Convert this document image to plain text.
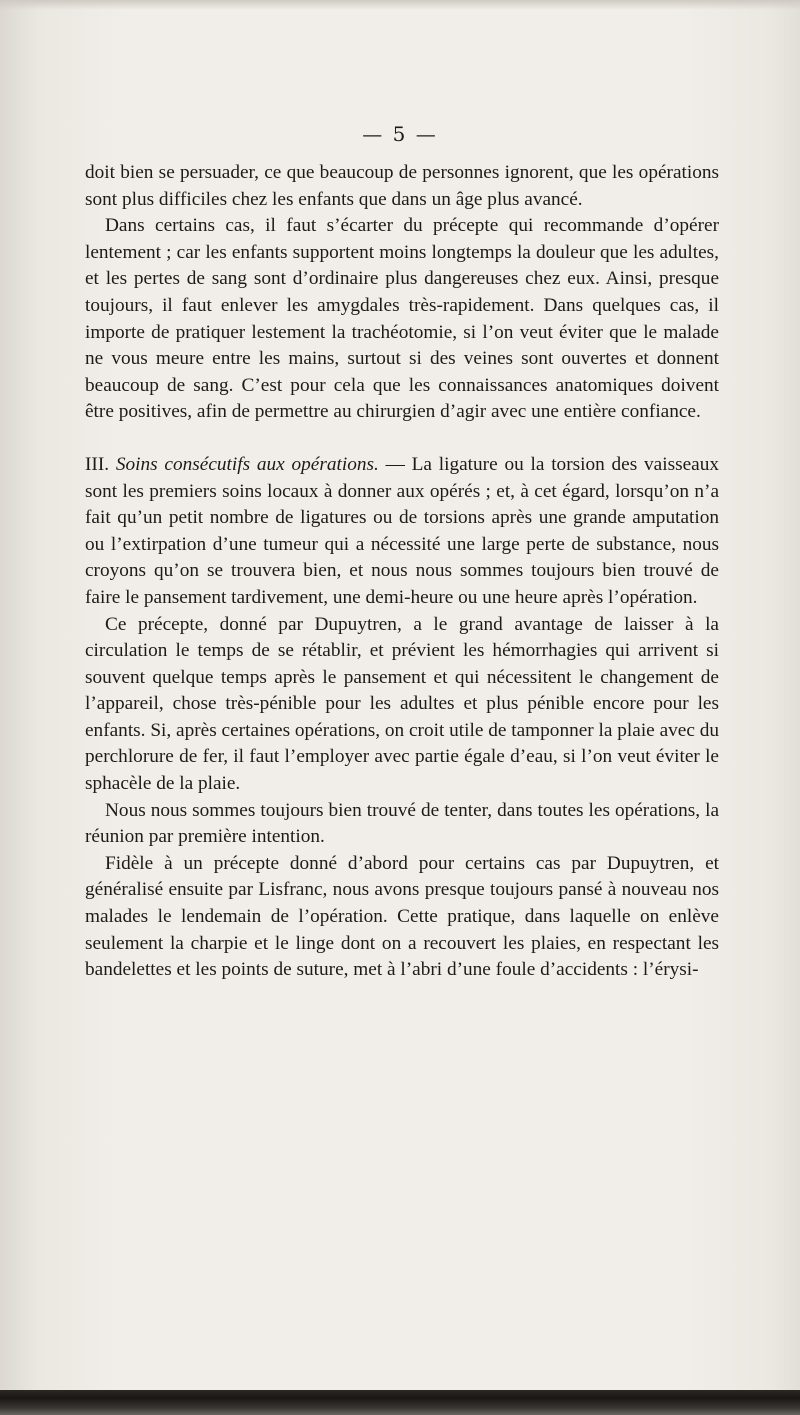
— 5 —

doit bien se persuader, ce que beaucoup de personnes ignorent, que les opérations sont plus difficiles chez les enfants que dans un âge plus avancé.

Dans certains cas, il faut s’écarter du précepte qui recommande d’opérer lentement ; car les enfants supportent moins longtemps la douleur que les adultes, et les pertes de sang sont d’ordinaire plus dangereuses chez eux. Ainsi, presque toujours, il faut enlever les amygdales très-rapidement. Dans quelques cas, il importe de pratiquer lestement la trachéotomie, si l’on veut éviter que le malade ne vous meure entre les mains, surtout si des veines sont ouvertes et donnent beaucoup de sang. C’est pour cela que les connaissances anatomiques doivent être positives, afin de permettre au chirurgien d’agir avec une entière confiance.

III. Soins consécutifs aux opérations. — La ligature ou la torsion des vaisseaux sont les premiers soins locaux à donner aux opérés ; et, à cet égard, lorsqu’on n’a fait qu’un petit nombre de ligatures ou de torsions après une grande amputation ou l’extirpation d’une tumeur qui a nécessité une large perte de substance, nous croyons qu’on se trouvera bien, et nous nous sommes toujours bien trouvé de faire le pansement tardivement, une demi-heure ou une heure après l’opération.

Ce précepte, donné par Dupuytren, a le grand avantage de laisser à la circulation le temps de se rétablir, et prévient les hémorrhagies qui arrivent si souvent quelque temps après le pansement et qui nécessitent le changement de l’appareil, chose très-pénible pour les adultes et plus pénible encore pour les enfants. Si, après certaines opérations, on croit utile de tamponner la plaie avec du perchlorure de fer, il faut l’employer avec partie égale d’eau, si l’on veut éviter le sphacèle de la plaie.

Nous nous sommes toujours bien trouvé de tenter, dans toutes les opérations, la réunion par première intention.

Fidèle à un précepte donné d’abord pour certains cas par Dupuytren, et généralisé ensuite par Lisfranc, nous avons presque toujours pansé à nouveau nos malades le lendemain de l’opération. Cette pratique, dans laquelle on enlève seulement la charpie et le linge dont on a recouvert les plaies, en respectant les bandelettes et les points de suture, met à l’abri d’une foule d’accidents : l’érysi-
